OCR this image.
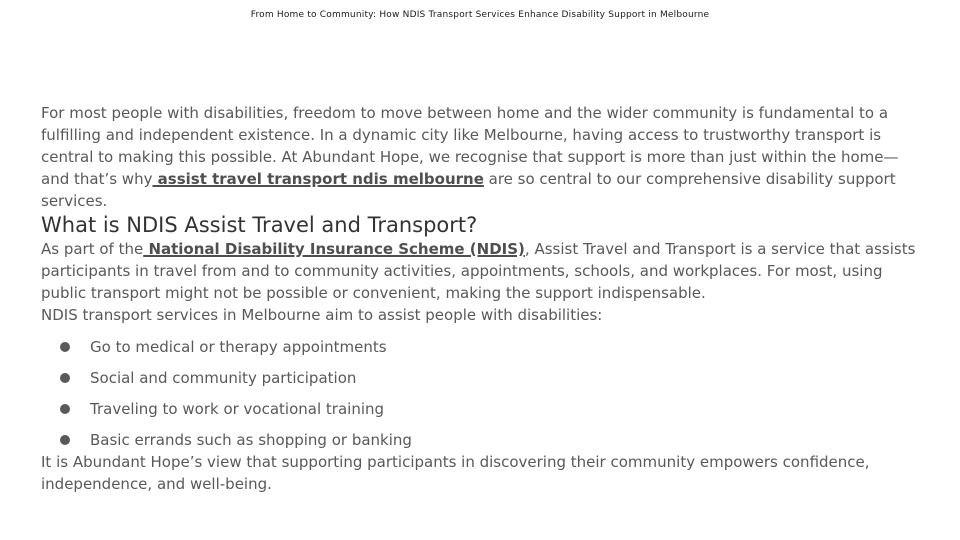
From Home to Community: How NDIS Transport Services Enhance Disability Support in Melbourne

For most people with disabilities, freedom to move between home and the wider community is fundamental to a fulfilling and independent existence. In a dynamic city like Melbourne, having access to trustworthy transport is central to making this possible. At Abundant Hope, we recognise that support is more than just within the home—and that’s why assist travel transport ndis melbourne are so central to our comprehensive disability support services.

What is NDIS Assist Travel and Transport?

As part of the National Disability Insurance Scheme (NDIS), Assist Travel and Transport is a service that assists participants in travel from and to community activities, appointments, schools, and workplaces. For most, using public transport might not be possible or convenient, making the support indispensable.

NDIS transport services in Melbourne aim to assist people with disabilities:

Go to medical or therapy appointments
Social and community participation
Traveling to work or vocational training
Basic errands such as shopping or banking

It is Abundant Hope’s view that supporting participants in discovering their community empowers confidence, independence, and well-being.
